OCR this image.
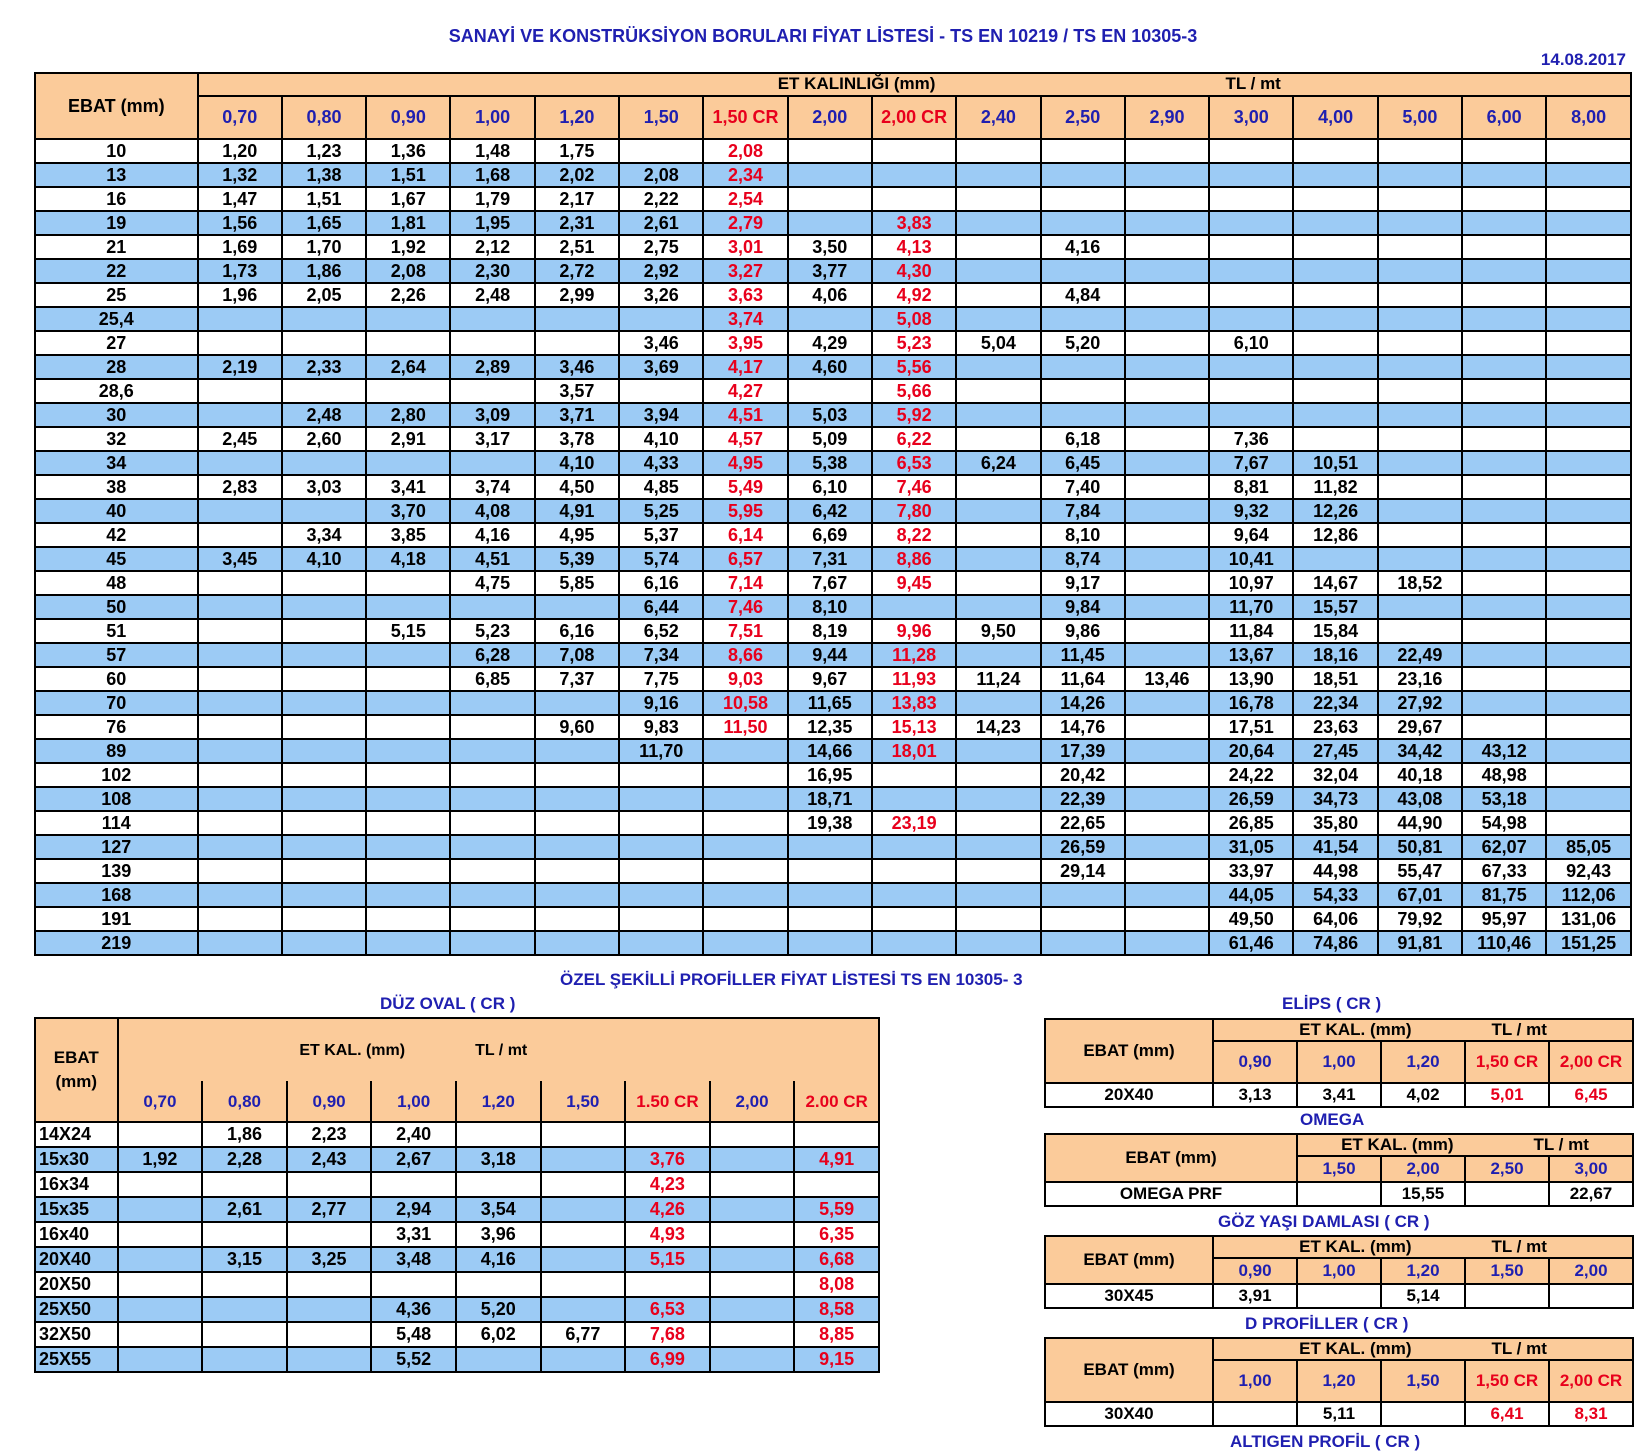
SANAYİ VE KONSTRÜKSİYON BORULARI FİYAT LİSTESİ - TS EN 10219 / TS EN 10305-3
14.08.2017
EBAT (mm)	ET KALINLIĞI (mm) TL / mt																
	0,70	0,80	0,90	1,00	1,20	1,50	1,50 CR	2,00	2,00 CR	2,40	2,50	2,90	3,00	4,00	5,00	6,00	8,00
10	1,20	1,23	1,36	1,48	1,75		2,08										
13	1,32	1,38	1,51	1,68	2,02	2,08	2,34										
16	1,47	1,51	1,67	1,79	2,17	2,22	2,54										
19	1,56	1,65	1,81	1,95	2,31	2,61	2,79		3,83								
21	1,69	1,70	1,92	2,12	2,51	2,75	3,01	3,50	4,13		4,16						
22	1,73	1,86	2,08	2,30	2,72	2,92	3,27	3,77	4,30								
25	1,96	2,05	2,26	2,48	2,99	3,26	3,63	4,06	4,92		4,84						
25,4							3,74		5,08								
27						3,46	3,95	4,29	5,23	5,04	5,20		6,10				
28	2,19	2,33	2,64	2,89	3,46	3,69	4,17	4,60	5,56								
28,6					3,57		4,27		5,66								
30		2,48	2,80	3,09	3,71	3,94	4,51	5,03	5,92								
32	2,45	2,60	2,91	3,17	3,78	4,10	4,57	5,09	6,22		6,18		7,36				
34					4,10	4,33	4,95	5,38	6,53	6,24	6,45		7,67	10,51			
38	2,83	3,03	3,41	3,74	4,50	4,85	5,49	6,10	7,46		7,40		8,81	11,82			
40			3,70	4,08	4,91	5,25	5,95	6,42	7,80		7,84		9,32	12,26			
42		3,34	3,85	4,16	4,95	5,37	6,14	6,69	8,22		8,10		9,64	12,86			
45	3,45	4,10	4,18	4,51	5,39	5,74	6,57	7,31	8,86		8,74		10,41				
48				4,75	5,85	6,16	7,14	7,67	9,45		9,17		10,97	14,67	18,52		
50						6,44	7,46	8,10			9,84		11,70	15,57			
51			5,15	5,23	6,16	6,52	7,51	8,19	9,96	9,50	9,86		11,84	15,84			
57				6,28	7,08	7,34	8,66	9,44	11,28		11,45		13,67	18,16	22,49		
60				6,85	7,37	7,75	9,03	9,67	11,93	11,24	11,64	13,46	13,90	18,51	23,16		
70						9,16	10,58	11,65	13,83		14,26		16,78	22,34	27,92		
76					9,60	9,83	11,50	12,35	15,13	14,23	14,76		17,51	23,63	29,67		
89						11,70		14,66	18,01		17,39		20,64	27,45	34,42	43,12	
102								16,95			20,42		24,22	32,04	40,18	48,98	
108								18,71			22,39		26,59	34,73	43,08	53,18	
114								19,38	23,19		22,65		26,85	35,80	44,90	54,98	
127											26,59		31,05	41,54	50,81	62,07	85,05
139											29,14		33,97	44,98	55,47	67,33	92,43
168													44,05	54,33	67,01	81,75	112,06
191													49,50	64,06	79,92	95,97	131,06
219													61,46	74,86	91,81	110,46	151,25
ÖZEL ŞEKİLLİ PROFİLLER FİYAT LİSTESİ TS EN 10305- 3
DÜZ OVAL ( CR )	ELİPS ( CR )
EBAT (mm)	ET KAL. (mm) TL / mt								
	0,70	0,80	0,90	1,00	1,20	1,50	1.50 CR	2,00	2.00 CR
14X24		1,86	2,23	2,40					
15x30	1,92	2,28	2,43	2,67	3,18		3,76		4,91
16x34							4,23		
15x35		2,61	2,77	2,94	3,54		4,26		5,59
16x40				3,31	3,96		4,93		6,35
20X40		3,15	3,25	3,48	4,16		5,15		6,68
20X50									8,08
25X50				4,36	5,20		6,53		8,58
32X50				5,48	6,02	6,77	7,68		8,85
25X55				5,52			6,99		9,15
EBAT (mm)	ET KAL. (mm) TL / mt				
	0,90	1,00	1,20	1,50 CR	2,00 CR
20X40	3,13	3,41	4,02	5,01	6,45
OMEGA
EBAT (mm)	ET KAL. (mm) TL / mt			
	1,50	2,00	2,50	3,00
OMEGA PRF		15,55		22,67
GÖZ YAŞI DAMLASI ( CR )
EBAT (mm)	ET KAL. (mm) TL / mt				
	0,90	1,00	1,20	1,50	2,00
30X45	3,91		5,14		
D PROFİLLER ( CR )
EBAT (mm)	ET KAL. (mm) TL / mt				
	1,00	1,20	1,50	1,50 CR	2,00 CR
30X40		5,11		6,41	8,31
ALTIGEN PROFİL ( CR )
